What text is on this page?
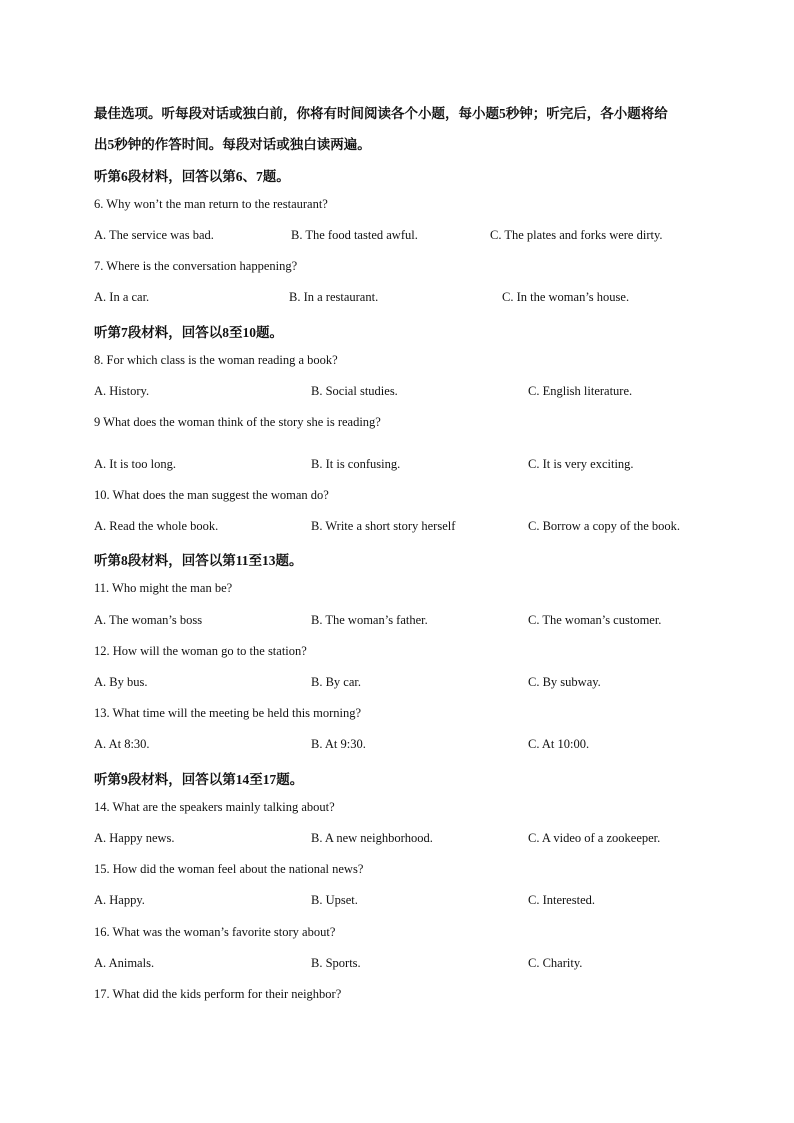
最佳选项。听每段对话或独白前，你将有时间阅读各个小题，每小题5秒钟；听完后，各小题将给
出5秒钟的作答时间。每段对话或独白读两遍。
听第6段材料，回答以第6、7题。
6. Why won’t the man return to the restaurant?
A. The service was bad.	B. The food tasted awful.	C. The plates and forks were dirty.
7. Where is the conversation happening?
A. In a car.	B. In a restaurant.	C. In the woman’s house.
听第7段材料，回答以8至10题。
8. For which class is the woman reading a book?
A. History.	B. Social studies.	C. English literature.
9 What does the woman think of the story she is reading?
A. It is too long.	B. It is confusing.	C. It is very exciting.
10. What does the man suggest the woman do?
A. Read the whole book.	B. Write a short story herself	C. Borrow a copy of the book.
听第8段材料，回答以第11至13题。
11. Who might the man be?
A. The woman’s boss	B. The woman’s father.	C. The woman’s customer.
12. How will the woman go to the station?
A. By bus.	B. By car.	C. By subway.
13. What time will the meeting be held this morning?
A. At 8:30.	B. At 9:30.	C. At 10:00.
听第9段材料，回答以第14至17题。
14. What are the speakers mainly talking about?
A. Happy news.	B. A new neighborhood.	C. A video of a zookeeper.
15. How did the woman feel about the national news?
A. Happy.	B. Upset.	C. Interested.
16. What was the woman’s favorite story about?
A. Animals.	B. Sports.	C. Charity.
17. What did the kids perform for their neighbor?
